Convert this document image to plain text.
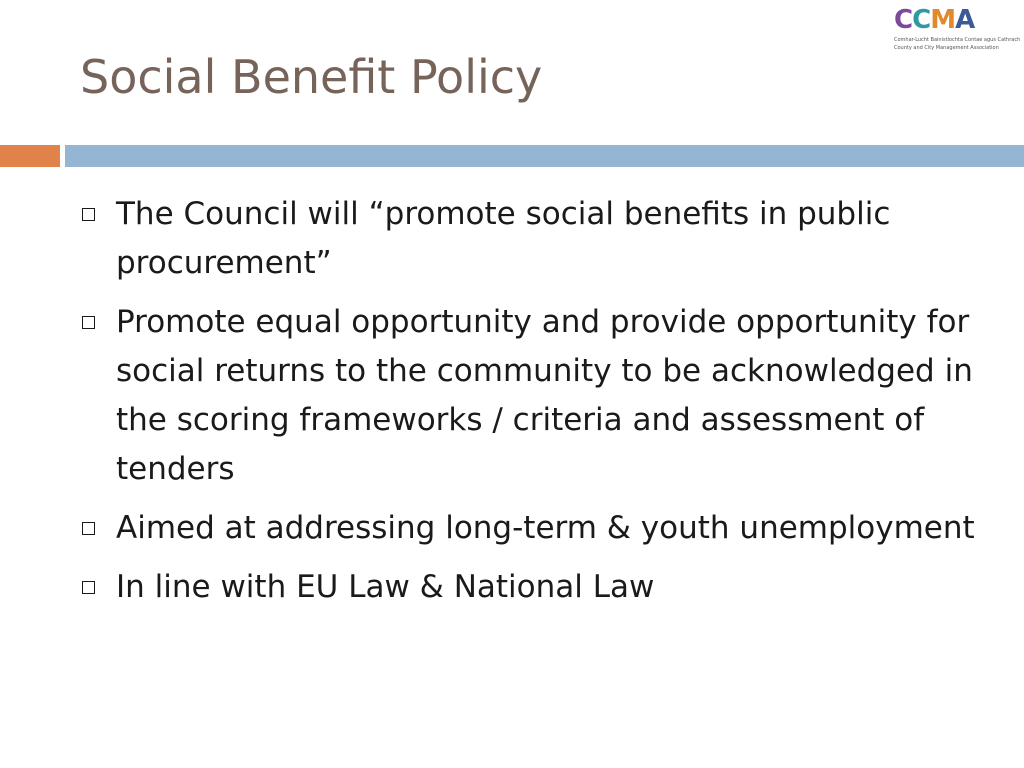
C C M A
Comhar-Lucht Bainistíochta Contae agus Cathrach
County and City Management Association
Social Benefit Policy
The Council will “promote social benefits in public procurement”
Promote equal opportunity and provide opportunity for social returns to the community to be acknowledged in the scoring frameworks / criteria and assessment of tenders
Aimed at addressing long-term & youth unemployment
In line with EU Law & National Law
